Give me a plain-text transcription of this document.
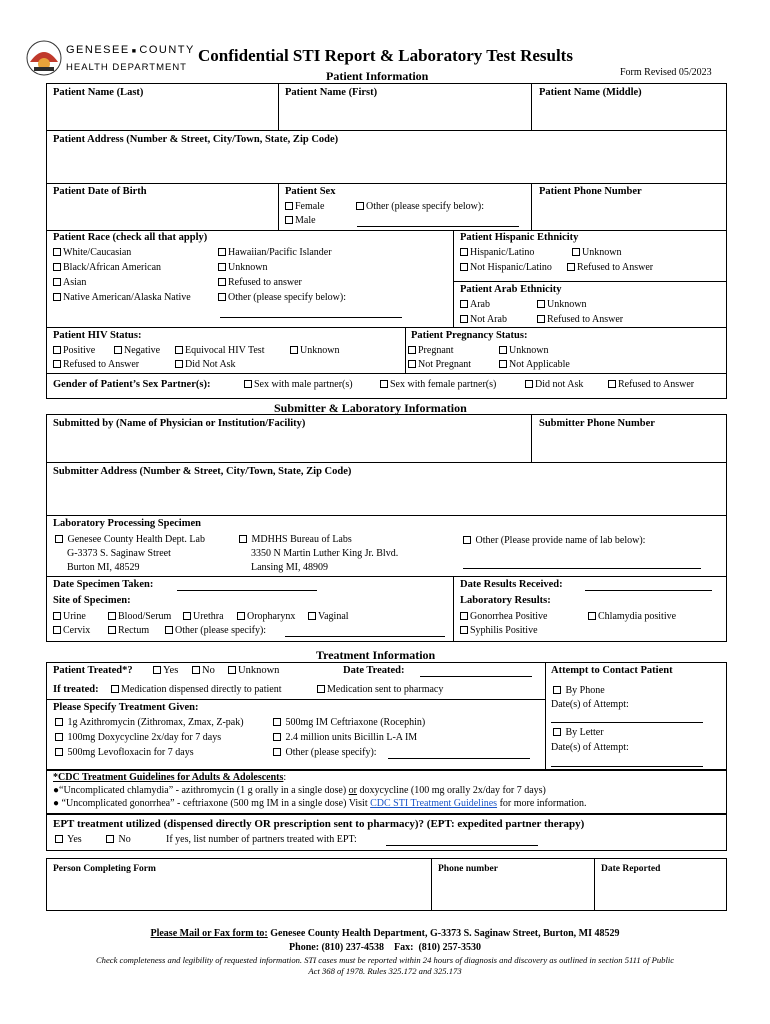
GENESEE ■ COUNTY
HEALTH DEPARTMENT
Confidential STI Report & Laboratory Test Results
Form Revised 05/2023
Patient Information
Patient Name (Last)	Patient Name (First)	Patient Name (Middle)
Patient Address (Number & Street, City/Town, State, Zip Code)
Patient Date of Birth	Patient Sex
Female
Male
Other (please specify below):
Patient Phone Number
Patient Race (check all that apply)
White/Caucasian
Black/African American
Asian
Native American/Alaska Native
Hawaiian/Pacific Islander
Unknown
Refused to answer
Other (please specify below):
Patient Hispanic Ethnicity
Hispanic/Latino	Unknown
Not Hispanic/Latino	Refused to Answer
Patient Arab Ethnicity
Arab	Unknown
Not Arab	Refused to Answer
Patient HIV Status:
Positive	Negative	Equivocal HIV Test	Unknown
Refused to Answer	Did Not Ask
Patient Pregnancy Status:
Pregnant	Unknown
Not Pregnant	Not Applicable
Gender of Patient’s Sex Partner(s):	Sex with male partner(s)	Sex with female partner(s)	Did not Ask	Refused to Answer
Submitter & Laboratory Information
Submitted by (Name of Physician or Institution/Facility)	Submitter Phone Number
Submitter Address (Number & Street, City/Town, State, Zip Code)
Laboratory Processing Specimen
Genesee County Health Dept. Lab
G-3373 S. Saginaw Street
Burton MI, 48529
MDHHS Bureau of Labs
3350 N Martin Luther King Jr. Blvd.
Lansing MI, 48909
Other (Please provide name of lab below):
Date Specimen Taken:
Site of Specimen:
Urine	Blood/Serum	Urethra	Oropharynx	Vaginal
Cervix	Rectum	Other (please specify):
Date Results Received:
Laboratory Results:
Gonorrhea Positive	Chlamydia positive
Syphilis Positive
Treatment Information
Patient Treated*?	Yes	No	Unknown	Date Treated:
If treated:	Medication dispensed directly to patient	Medication sent to pharmacy
Please Specify Treatment Given:
1g Azithromycin (Zithromax, Zmax, Z-pak)
100mg Doxycycline 2x/day for 7 days
500mg Levofloxacin for 7 days
500mg IM Ceftriaxone (Rocephin)
2.4 million units Bicillin L-A IM
Other (please specify):
Attempt to Contact Patient
By Phone
Date(s) of Attempt:
By Letter
Date(s) of Attempt:
*CDC Treatment Guidelines for Adults & Adolescents:
●“Uncomplicated chlamydia” - azithromycin (1 g orally in a single dose) or doxycycline (100 mg orally 2x/day for 7 days)
● “Uncomplicated gonorrhea” - ceftriaxone (500 mg IM in a single dose) Visit CDC STI Treatment Guidelines for more information.
EPT treatment utilized (dispensed directly OR prescription sent to pharmacy)? (EPT: expedited partner therapy)
Yes	No	If yes, list number of partners treated with EPT:
Person Completing Form	Phone number	Date Reported
Please Mail or Fax form to: Genesee County Health Department, G-3373 S. Saginaw Street, Burton, MI 48529
Phone: (810) 237-4538    Fax:  (810) 257-3530
Check completeness and legibility of requested information. STI cases must be reported within 24 hours of diagnosis and discovery as outlined in section 5111 of Public
Act 368 of 1978. Rules 325.172 and 325.173
